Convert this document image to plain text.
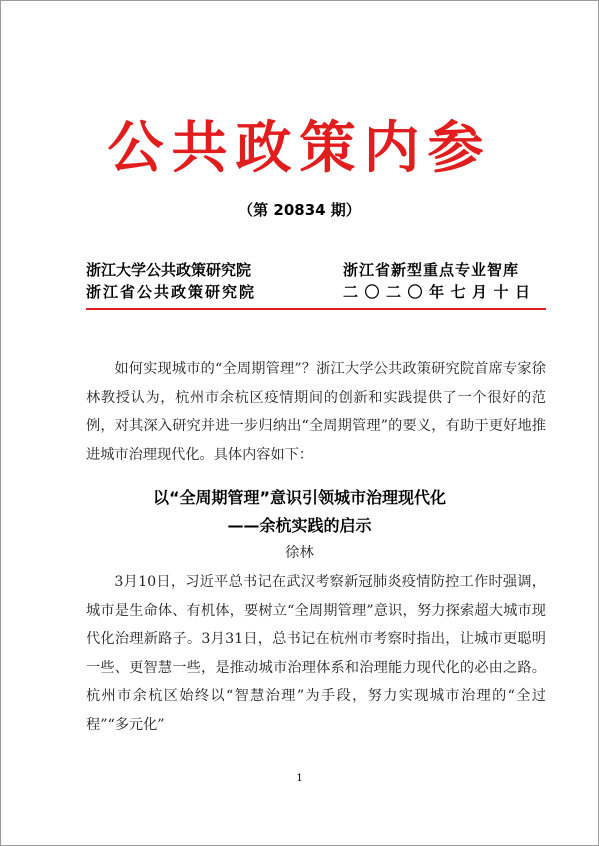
公共政策内参
（第 20834 期）
浙江大学公共政策研究院
浙江省公共政策研究院
浙江省新型重点专业智库
二〇二〇年七月十日

如何实现城市的“全周期管理”？浙江大学公共政策研究院首席专家徐林教授认为，杭州市余杭区疫情期间的创新和实践提供了一个很好的范例，对其深入研究并进一步归纳出“全周期管理”的要义，有助于更好地推进城市治理现代化。具体内容如下：

以“全周期管理”意识引领城市治理现代化
——余杭实践的启示
徐林

3月10日，习近平总书记在武汉考察新冠肺炎疫情防控工作时强调，城市是生命体、有机体，要树立“全周期管理”意识，努力探索超大城市现代化治理新路子。3月31日，总书记在杭州市考察时指出，让城市更聪明一些、更智慧一些，是推动城市治理体系和治理能力现代化的必由之路。杭州市余杭区始终以“智慧治理”为手段，努力实现城市治理的“全过程”“多元化”

1
